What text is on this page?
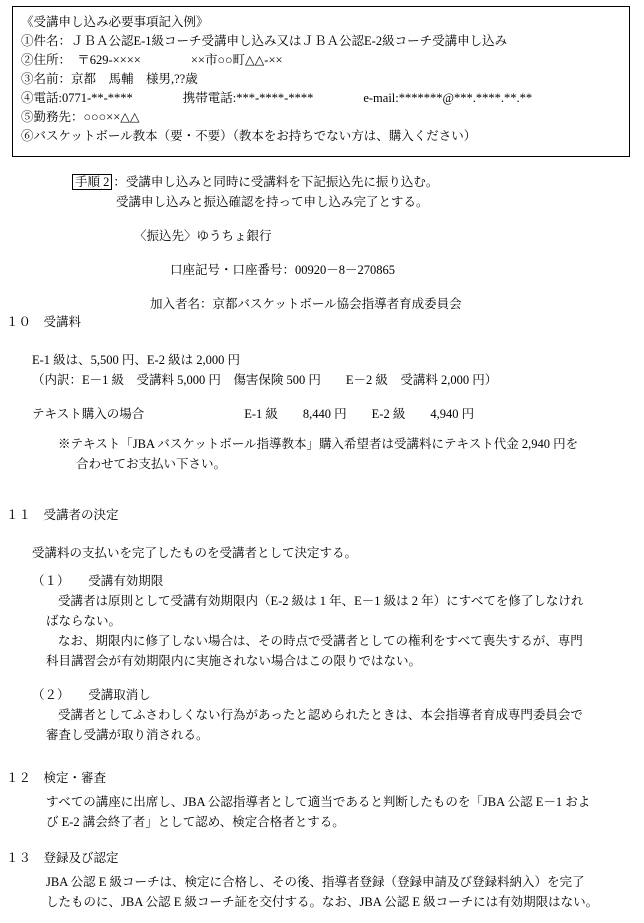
《受講申し込み必要事項記入例》
①件名：ＪＢＡ公認E-1級コーチ受講申し込み又はＪＢＡ公認E-2級コーチ受講申し込み
②住所：　〒629-××××　　　　××市○○町△△-××
③名前：京都　馬輔　様男,??歳
④電話:0771-**-****　　　　携帯電話:***-****-****　　　　e-mail:*******@***.****.**.**
⑤勤務先：○○○××△△
⑥バスケットボール教本（要・不要）（教本をお持ちでない方は、購入ください）
手順 2 ：受講申し込みと同時に受講料を下記振込先に振り込む。
受講申し込みと振込確認を持って申し込み完了とする。
〈振込先〉ゆうちょ銀行
口座記号・口座番号：00920－8－270865
加入者名：京都バスケットボール協会指導者育成委員会
１０　 受講料
E-1 級は、5,500 円、E-2 級は 2,000 円
（内訳：E－1 級　受講料 5,000 円　傷害保険 500 円　　E－2 級　受講料 2,000 円）
テキスト購入の場合　　　　　　　　E-1 級　　8,440 円　　E-2 級　　4,940 円
※テキスト「JBA バスケットボール指導教本」購入希望者は受講料にテキスト代金 2,940 円を
合わせてお支払い下さい。
１１　 受講者の決定
受講料の支払いを完了したものを受講者として決定する。
（１）　　受講有効期限
受講者は原則として受講有効期限内（E-2 級は 1 年、E－1 級は 2 年）にすべてを修了しなけれ
ばならない。
なお、期限内に修了しない場合は、その時点で受講者としての権利をすべて喪失するが、専門
科目講習会が有効期限内に実施されない場合はこの限りではない。
（２）　　受講取消し
受講者としてふさわしくない行為があったと認められたときは、本会指導者育成専門委員会で
審査し受講が取り消される。
１２　 検定・審査
すべての講座に出席し、JBA 公認指導者として適当であると判断したものを「JBA 公認 E－1 およ
び E-2 講会終了者」として認め、検定合格者とする。
１３　 登録及び認定
JBA 公認 E 級コーチは、検定に合格し、その後、指導者登録（登録申請及び登録料納入）を完了
したものに、JBA 公認 E 級コーチ証を交付する。なお、JBA 公認 E 級コーチには有効期限はない。
